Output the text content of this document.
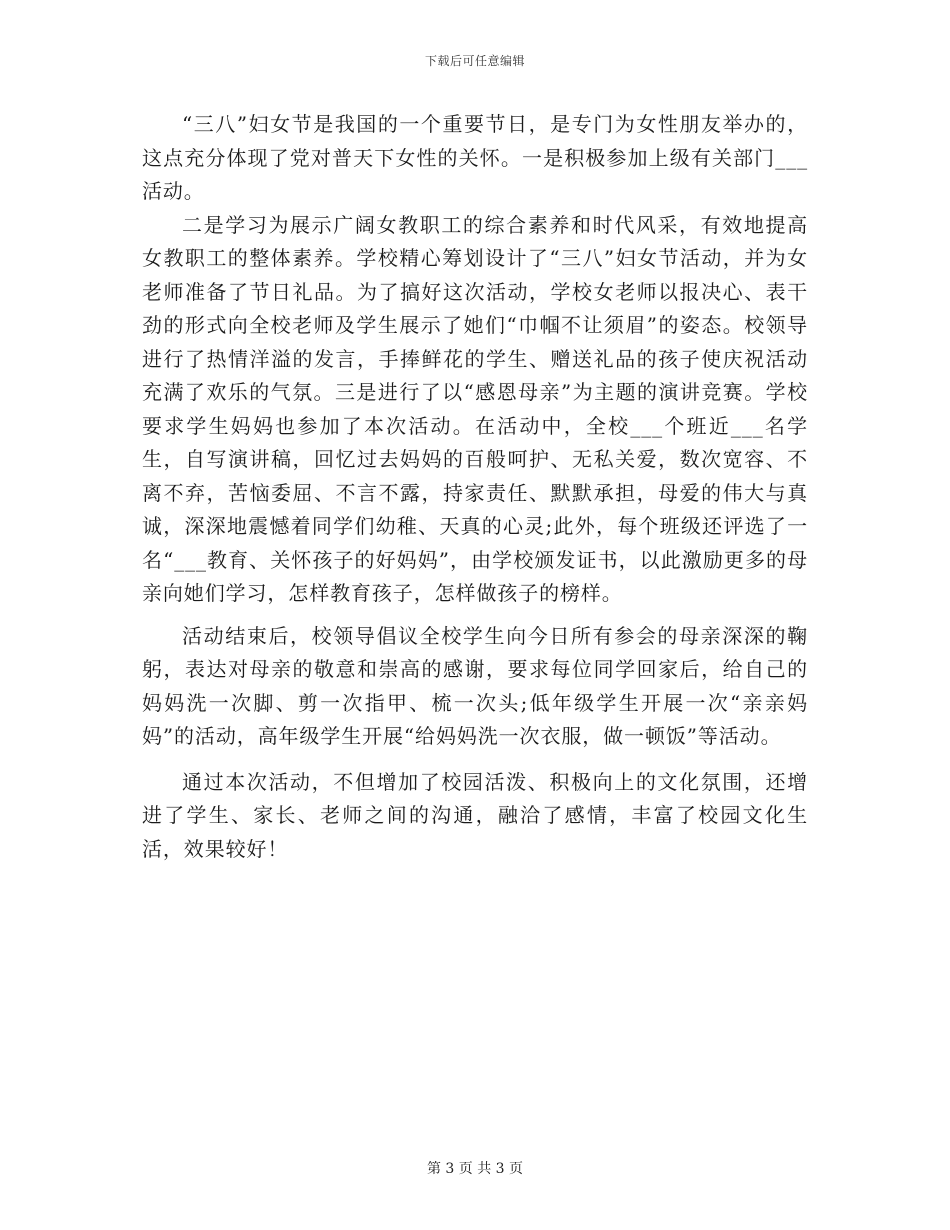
下载后可任意编辑

“三八”妇女节是我国的一个重要节日，是专门为女性朋友举办的，这点充分体现了党对普天下女性的关怀。一是积极参加上级有关部门___活动。

二是学习为展示广阔女教职工的综合素养和时代风采，有效地提高女教职工的整体素养。学校精心筹划设计了“三八”妇女节活动，并为女老师准备了节日礼品。为了搞好这次活动，学校女老师以报决心、表干劲的形式向全校老师及学生展示了她们“巾帼不让须眉”的姿态。校领导进行了热情洋溢的发言，手捧鲜花的学生、赠送礼品的孩子使庆祝活动充满了欢乐的气氛。三是进行了以“感恩母亲”为主题的演讲竞赛。学校要求学生妈妈也参加了本次活动。在活动中，全校___个班近___名学生，自写演讲稿，回忆过去妈妈的百般呵护、无私关爱，数次宽容、不离不弃，苦恼委屈、不言不露，持家责任、默默承担，母爱的伟大与真诚，深深地震憾着同学们幼稚、天真的心灵;此外，每个班级还评选了一名“___教育、关怀孩子的好妈妈”，由学校颁发证书，以此激励更多的母亲向她们学习，怎样教育孩子，怎样做孩子的榜样。

活动结束后，校领导倡议全校学生向今日所有参会的母亲深深的鞠躬，表达对母亲的敬意和崇高的感谢，要求每位同学回家后，给自己的妈妈洗一次脚、剪一次指甲、梳一次头;低年级学生开展一次“亲亲妈妈”的活动，高年级学生开展“给妈妈洗一次衣服，做一顿饭”等活动。

通过本次活动，不但增加了校园活泼、积极向上的文化氛围，还增进了学生、家长、老师之间的沟通，融洽了感情，丰富了校园文化生活，效果较好！

第 3 页 共 3 页
